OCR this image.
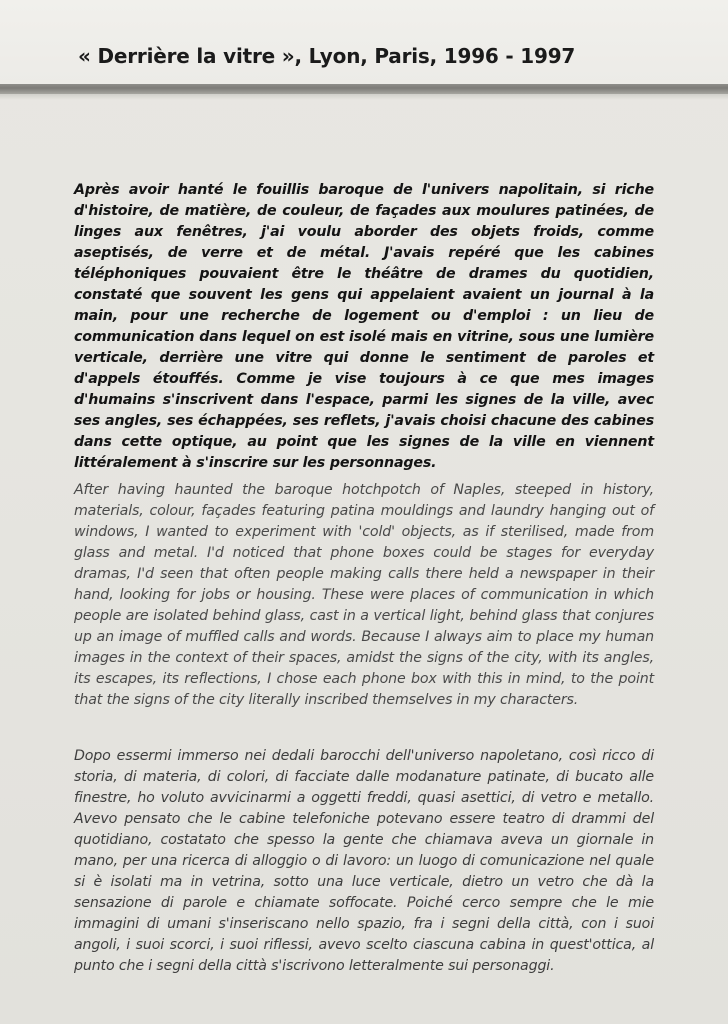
« Derrière la vitre », Lyon, Paris, 1996 - 1997

Après avoir hanté le fouillis baroque de l'univers napolitain, si riche d'histoire, de matière, de couleur, de façades aux moulures patinées, de linges aux fenêtres, j'ai voulu aborder des objets froids, comme aseptisés, de verre et de métal. J'avais repéré que les cabines téléphoniques pouvaient être le théâtre de drames du quotidien, constaté que souvent les gens qui appelaient avaient un journal à la main, pour une recherche de logement ou d'emploi : un lieu de communication dans lequel on est isolé mais en vitrine, sous une lumière verticale, derrière une vitre qui donne le sentiment de paroles et d'appels étouffés. Comme je vise toujours à ce que mes images d'humains s'inscrivent dans l'espace, parmi les signes de la ville, avec ses angles, ses échappées, ses reflets, j'avais choisi chacune des cabines dans cette optique, au point que les signes de la ville en viennent littéralement à s'inscrire sur les personnages.

After having haunted the baroque hotchpotch of Naples, steeped in history, materials, colour, façades featuring patina mouldings and laundry hanging out of windows, I wanted to experiment with 'cold' objects, as if sterilised, made from glass and metal. I'd noticed that phone boxes could be stages for everyday dramas, I'd seen that often people making calls there held a newspaper in their hand, looking for jobs or housing. These were places of communication in which people are isolated behind glass, cast in a vertical light, behind glass that conjures up an image of muffled calls and words. Because I always aim to place my human images in the context of their spaces, amidst the signs of the city, with its angles, its escapes, its reflections, I chose each phone box with this in mind, to the point that the signs of the city literally inscribed themselves in my characters.

Dopo essermi immerso nei dedali barocchi dell'universo napoletano, così ricco di storia, di materia, di colori, di facciate dalle modanature patinate, di bucato alle finestre, ho voluto avvicinarmi a oggetti freddi, quasi asettici, di vetro e metallo. Avevo pensato che le cabine telefoniche potevano essere teatro di drammi del quotidiano, costatato che spesso la gente che chiamava aveva un giornale in mano, per una ricerca di alloggio o di lavoro: un luogo di comunicazione nel quale si è isolati ma in vetrina, sotto una luce verticale, dietro un vetro che dà la sensazione di parole e chiamate soffocate. Poiché cerco sempre che le mie immagini di umani s'inseriscano nello spazio, fra i segni della città, con i suoi angoli, i suoi scorci, i suoi riflessi, avevo scelto ciascuna cabina in quest'ottica, al punto che i segni della città s'iscrivono letteralmente sui personaggi.
